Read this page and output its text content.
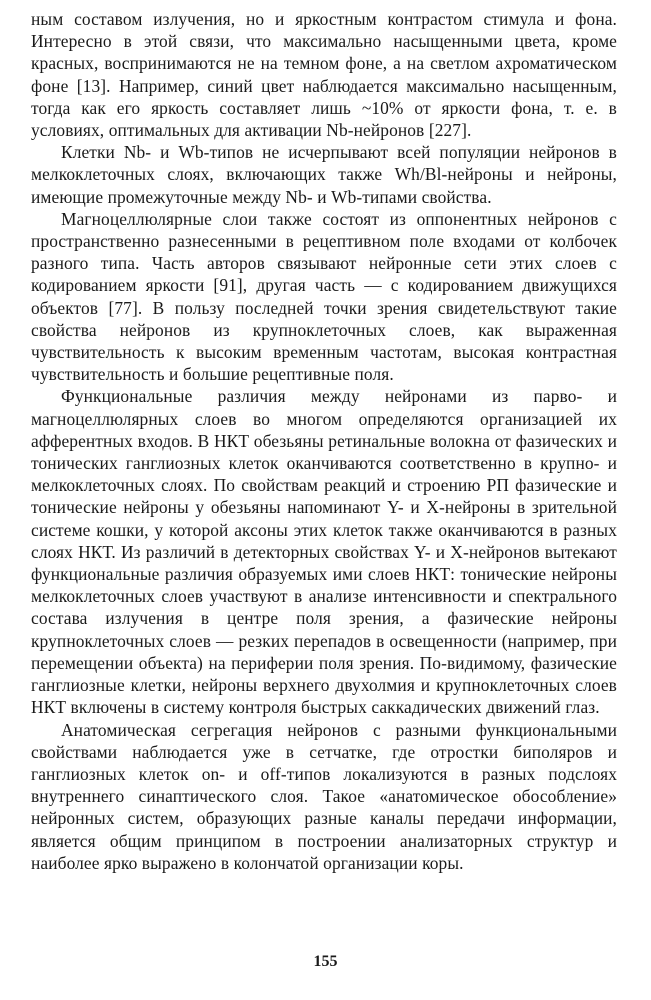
ным составом излучения, но и яркостным контрастом стимула и фона. Интересно в этой связи, что максимально насыщенными цвета, кроме красных, воспринимаются не на темном фоне, а на светлом ахроматическом фоне [13]. Например, синий цвет наблюдается максимально насыщенным, тогда как его яркость составляет лишь ~10% от яркости фона, т. е. в условиях, оптимальных для активации Nb-нейронов [227].

Клетки Nb- и Wb-типов не исчерпывают всей популяции нейронов в мелкоклеточных слоях, включающих также Wh/Bl-нейроны и нейроны, имеющие промежуточные между Nb- и Wb-типами свойства.

Магноцеллюлярные слои также состоят из оппонентных нейронов с пространственно разнесенными в рецептивном поле входами от колбочек разного типа. Часть авторов связывают нейронные сети этих слоев с кодированием яркости [91], другая часть — с кодированием движущихся объектов [77]. В пользу последней точки зрения свидетельствуют такие свойства нейронов из крупноклеточных слоев, как выраженная чувствительность к высоким временным частотам, высокая контрастная чувствительность и большие рецептивные поля.

Функциональные различия между нейронами из парво- и магноцеллюлярных слоев во многом определяются организацией их афферентных входов. В НКТ обезьяны ретинальные волокна от фазических и тонических ганглиозных клеток оканчиваются соответственно в крупно- и мелкоклеточных слоях. По свойствам реакций и строению РП фазические и тонические нейроны у обезьяны напоминают Y- и X-нейроны в зрительной системе кошки, у которой аксоны этих клеток также оканчиваются в разных слоях НКТ. Из различий в детекторных свойствах Y- и X-нейронов вытекают функциональные различия образуемых ими слоев НКТ: тонические нейроны мелкоклеточных слоев участвуют в анализе интенсивности и спектрального состава излучения в центре поля зрения, а фазические нейроны крупноклеточных слоев — резких перепадов в освещенности (например, при перемещении объекта) на периферии поля зрения. По-видимому, фазические ганглиозные клетки, нейроны верхнего двухолмия и крупноклеточных слоев НКТ включены в систему контроля быстрых саккадических движений глаз.

Анатомическая сегрегация нейронов с разными функциональными свойствами наблюдается уже в сетчатке, где отростки биполяров и ганглиозных клеток on- и off-типов локализуются в разных подслоях внутреннего синаптического слоя. Такое «анатомическое обособление» нейронных систем, образующих разные каналы передачи информации, является общим принципом в построении анализаторных структур и наиболее ярко выражено в колончатой организации коры.

155
